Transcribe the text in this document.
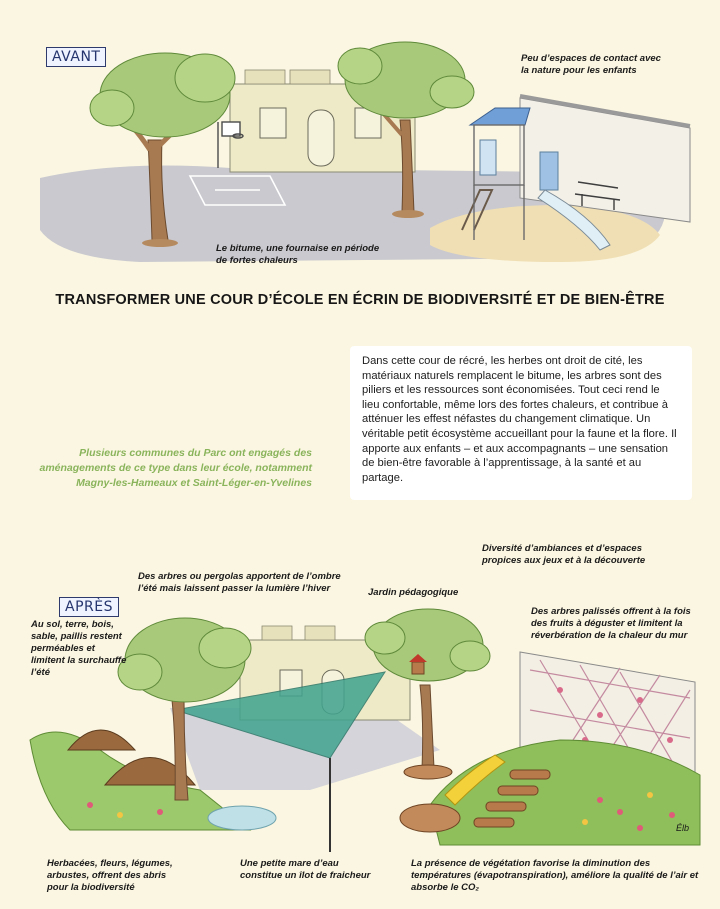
AVANT	Peu d’espaces de contact avec la nature pour les enfants
Le bitume, une fournaise en période de fortes chaleurs
TRANSFORMER UNE COUR D’ÉCOLE EN ÉCRIN DE BIODIVERSITÉ ET DE BIEN-ÊTRE
Plusieurs communes du Parc ont engagés des aménagements de ce type dans leur école, notamment Magny-les-Hameaux et Saint-Léger-en-Yvelines

Dans cette cour de récré, les herbes ont droit de cité, les matériaux naturels remplacent le bitume, les arbres sont des piliers et les ressources sont économisées. Tout ceci rend le lieu confortable, même lors des fortes chaleurs, et contribue à atténuer les effest néfastes du changement climatique. Un véritable petit écosystème accueillant pour la faune et la flore. Il apporte aux enfants – et aux accompagnants – une sensation de bien-être favorable à l’apprentissage, à la santé et au partage.

APRÈS
Des arbres ou pergolas apportent de l’ombre l’été mais laissent passer la lumière l’hiver
Diversité d’ambiances et d’espaces propices aux jeux et à la découverte
Jardin pédagogique
Des arbres palissés offrent à la fois des fruits à déguster et limitent la réverbération de la chaleur du mur
Au sol, terre, bois, sable, paillis restent perméables et limitent la surchauffe l’été
Herbacées, fleurs, légumes, arbustes, offrent des abris pour la biodiversité
Une petite mare d’eau constitue un îlot de fraicheur
La présence de végétation favorise la diminution des températures (évapotranspiration), améliore la qualité de l’air et absorbe le CO₂
Élb
